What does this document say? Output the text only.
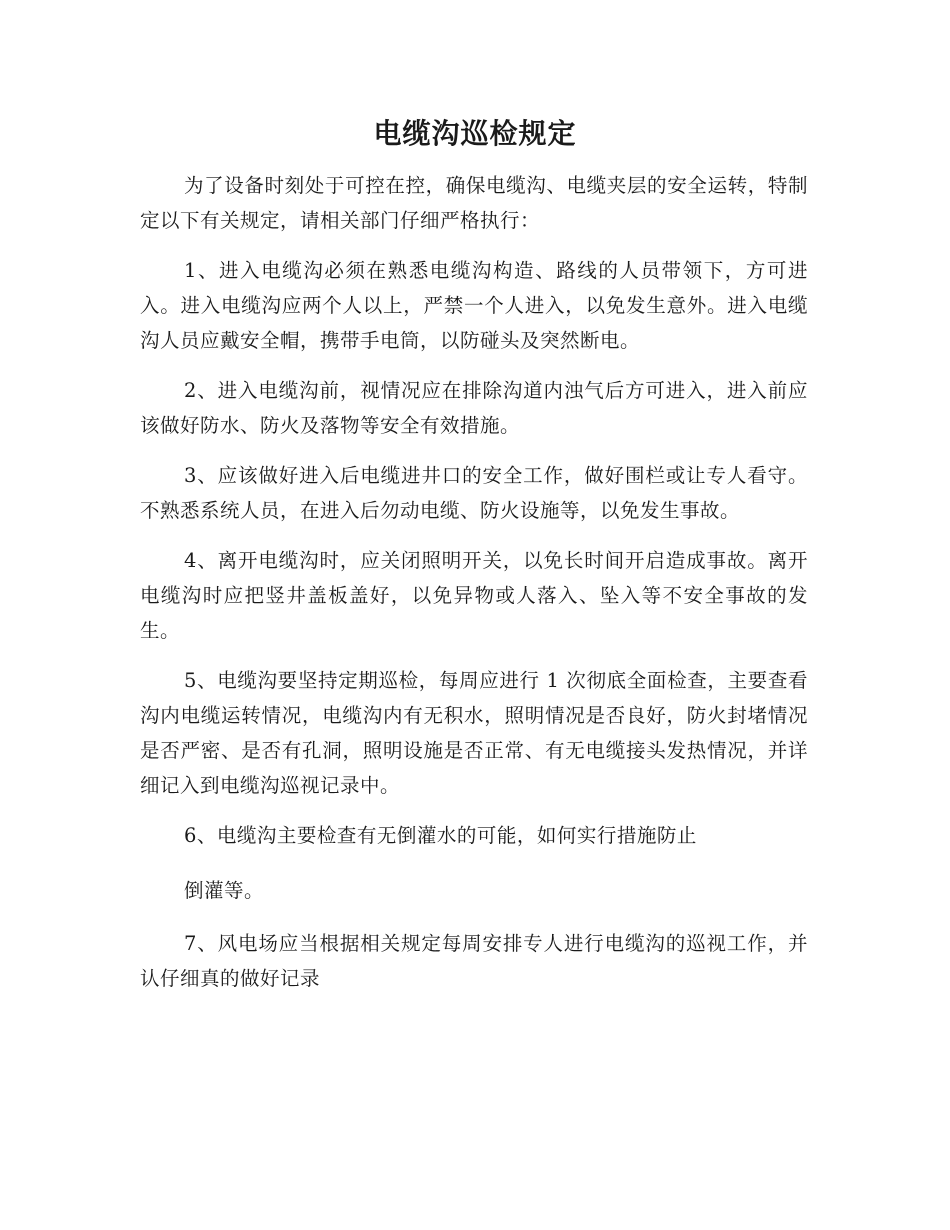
电缆沟巡检规定

为了设备时刻处于可控在控，确保电缆沟、电缆夹层的安全运转，特制定以下有关规定，请相关部门仔细严格执行：

1、进入电缆沟必须在熟悉电缆沟构造、路线的人员带领下，方可进入。进入电缆沟应两个人以上，严禁一个人进入，以免发生意外。进入电缆沟人员应戴安全帽，携带手电筒，以防碰头及突然断电。

2、进入电缆沟前，视情况应在排除沟道内浊气后方可进入，进入前应该做好防水、防火及落物等安全有效措施。

3、应该做好进入后电缆进井口的安全工作，做好围栏或让专人看守。不熟悉系统人员，在进入后勿动电缆、防火设施等，以免发生事故。

4、离开电缆沟时，应关闭照明开关，以免长时间开启造成事故。离开电缆沟时应把竖井盖板盖好，以免异物或人落入、坠入等不安全事故的发生。

5、电缆沟要坚持定期巡检，每周应进行 1 次彻底全面检查，主要查看沟内电缆运转情况，电缆沟内有无积水，照明情况是否良好，防火封堵情况是否严密、是否有孔洞，照明设施是否正常、有无电缆接头发热情况，并详细记入到电缆沟巡视记录中。

6、电缆沟主要检查有无倒灌水的可能，如何实行措施防止

倒灌等。

7、风电场应当根据相关规定每周安排专人进行电缆沟的巡视工作，并认仔细真的做好记录
